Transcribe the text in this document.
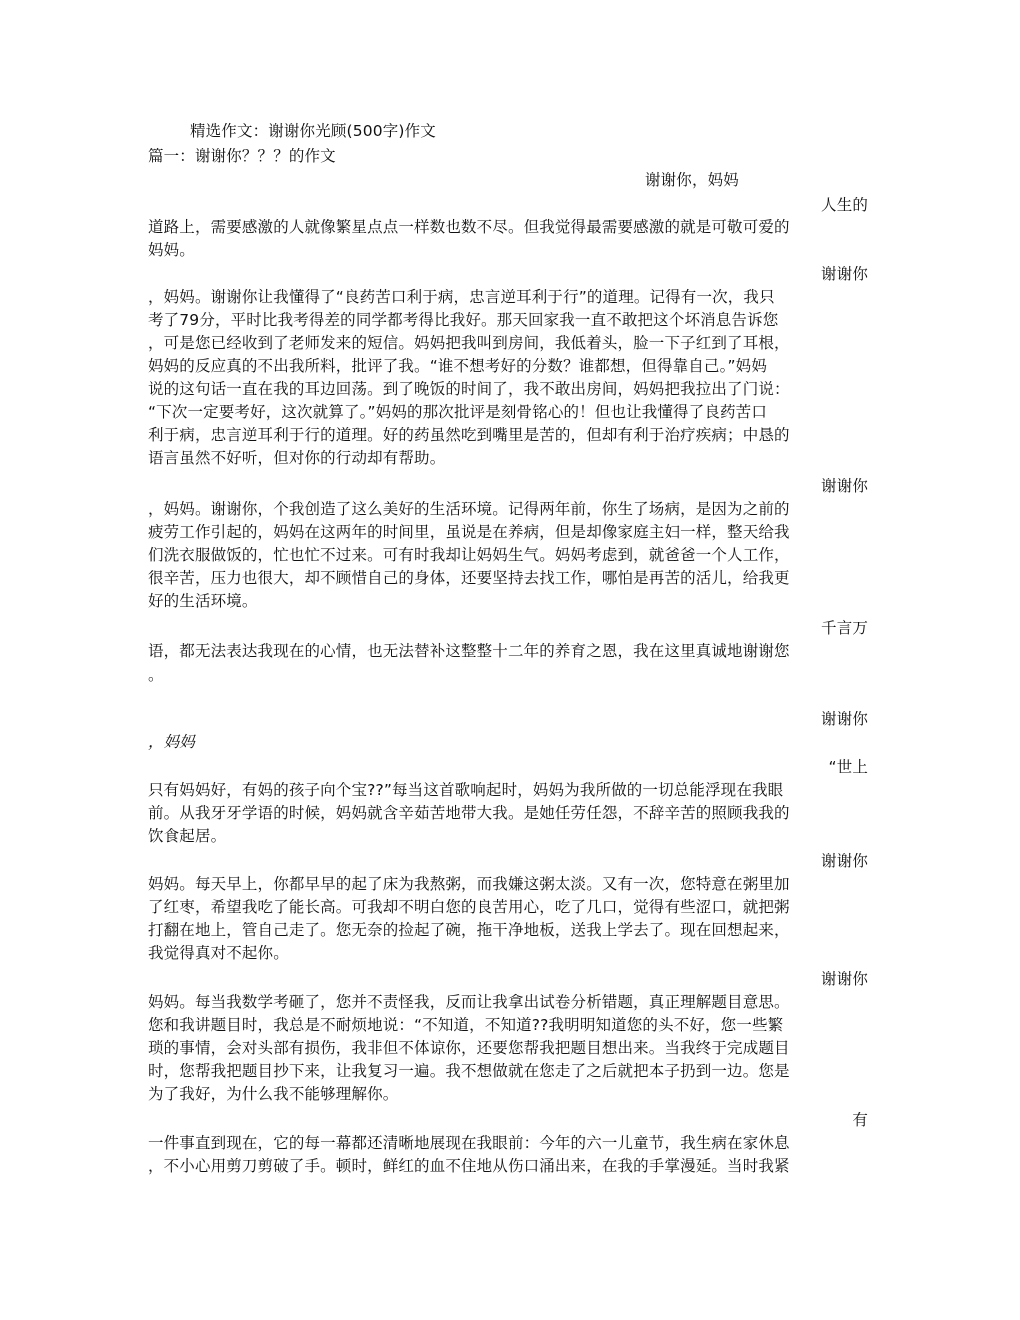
精选作文：谢谢你光顾(500字)作文
篇一：谢谢你？？？的作文
谢谢你，妈妈
人生的
道路上，需要感激的人就像繁星点点一样数也数不尽。但我觉得最需要感激的就是可敬可爱的
妈妈。
谢谢你
，妈妈。谢谢你让我懂得了“良药苦口利于病，忠言逆耳利于行”的道理。记得有一次，我只
考了79分，平时比我考得差的同学都考得比我好。那天回家我一直不敢把这个坏消息告诉您
，可是您已经收到了老师发来的短信。妈妈把我叫到房间，我低着头，脸一下子红到了耳根，
妈妈的反应真的不出我所料，批评了我。“谁不想考好的分数？谁都想，但得靠自己。”妈妈
说的这句话一直在我的耳边回荡。到了晚饭的时间了，我不敢出房间，妈妈把我拉出了门说：
“下次一定要考好，这次就算了。”妈妈的那次批评是刻骨铭心的！但也让我懂得了良药苦口
利于病，忠言逆耳利于行的道理。好的药虽然吃到嘴里是苦的，但却有利于治疗疾病；中恳的
语言虽然不好听，但对你的行动却有帮助。
谢谢你
，妈妈。谢谢你，个我创造了这么美好的生活环境。记得两年前，你生了场病，是因为之前的
疲劳工作引起的，妈妈在这两年的时间里，虽说是在养病，但是却像家庭主妇一样，整天给我
们洗衣服做饭的，忙也忙不过来。可有时我却让妈妈生气。妈妈考虑到，就爸爸一个人工作，
很辛苦，压力也很大，却不顾惜自己的身体，还要坚持去找工作，哪怕是再苦的活儿，给我更
好的生活环境。
千言万
语，都无法表达我现在的心情，也无法替补这整整十二年的养育之恩，我在这里真诚地谢谢您
。
谢谢你
，妈妈
“世上
只有妈妈好，有妈的孩子向个宝??”每当这首歌响起时，妈妈为我所做的一切总能浮现在我眼
前。从我牙牙学语的时候，妈妈就含辛茹苦地带大我。是她任劳任怨，不辞辛苦的照顾我我的
饮食起居。
谢谢你
妈妈。每天早上，你都早早的起了床为我熬粥，而我嫌这粥太淡。又有一次，您特意在粥里加
了红枣，希望我吃了能长高。可我却不明白您的良苦用心，吃了几口，觉得有些涩口，就把粥
打翻在地上，管自己走了。您无奈的捡起了碗，拖干净地板，送我上学去了。现在回想起来，
我觉得真对不起你。
谢谢你
妈妈。每当我数学考砸了，您并不责怪我，反而让我拿出试卷分析错题，真正理解题目意思。
您和我讲题目时，我总是不耐烦地说：“不知道，不知道??我明明知道您的头不好，您一些繁
琐的事情，会对头部有损伤，我非但不体谅你，还要您帮我把题目想出来。当我终于完成题目
时，您帮我把题目抄下来，让我复习一遍。我不想做就在您走了之后就把本子扔到一边。您是
为了我好，为什么我不能够理解你。
有
一件事直到现在，它的每一幕都还清晰地展现在我眼前：今年的六一儿童节，我生病在家休息
，不小心用剪刀剪破了手。顿时，鲜红的血不住地从伤口涌出来，在我的手掌漫延。当时我紧
